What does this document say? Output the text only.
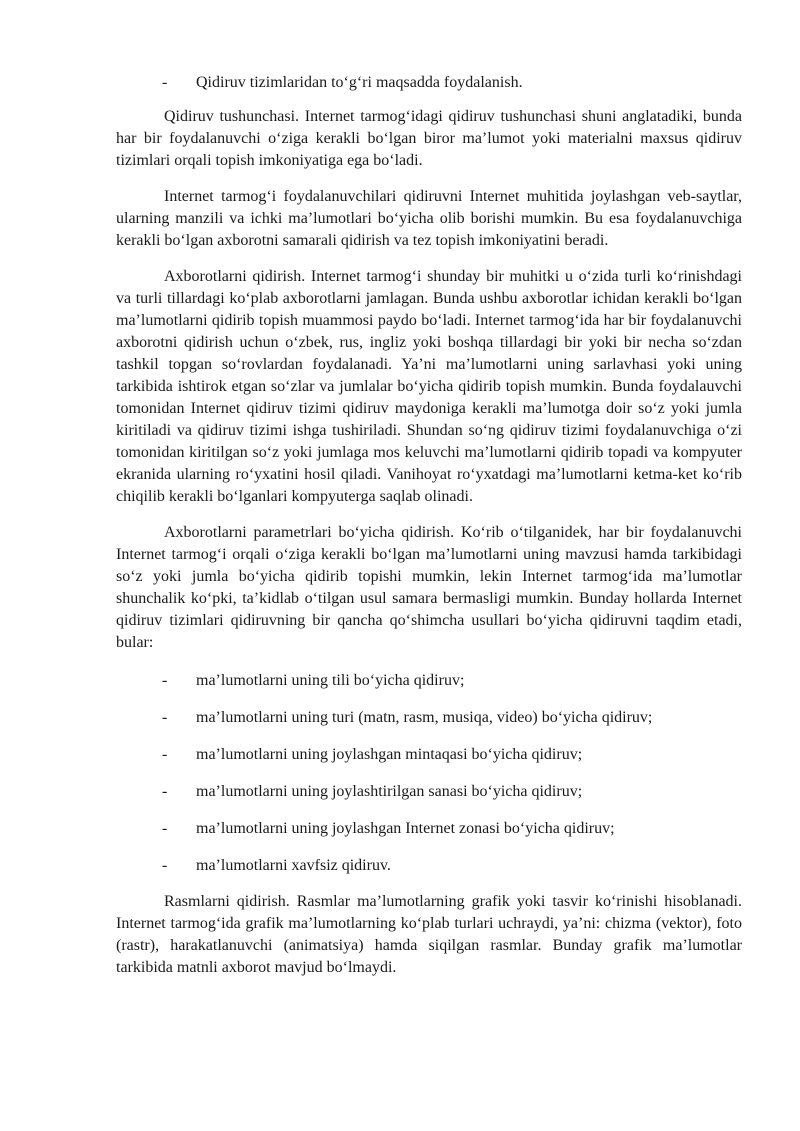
-	Qidiruv tizimlaridan to‘g‘ri maqsadda foydalanish.

Qidiruv tushunchasi. Internet tarmog‘idagi qidiruv tushunchasi shuni anglatadiki, bunda har bir foydalanuvchi o‘ziga kerakli bo‘lgan biror ma’lumot yoki materialni maxsus qidiruv tizimlari orqali topish imkoniyatiga ega bo‘ladi.

Internet tarmog‘i foydalanuvchilari qidiruvni Internet muhitida joylashgan veb-saytlar, ularning manzili va ichki ma’lumotlari bo‘yicha olib borishi mumkin. Bu esa foydalanuvchiga kerakli bo‘lgan axborotni samarali qidirish va tez topish imkoniyatini beradi.

Axborotlarni qidirish. Internet tarmog‘i shunday bir muhitki u o‘zida turli ko‘rinishdagi va turli tillardagi ko‘plab axborotlarni jamlagan. Bunda ushbu axborotlar ichidan kerakli bo‘lgan ma’lumotlarni qidirib topish muammosi paydo bo‘ladi. Internet tarmog‘ida har bir foydalanuvchi axborotni qidirish uchun o‘zbek, rus, ingliz yoki boshqa tillardagi bir yoki bir necha so‘zdan tashkil topgan so‘rovlardan foydalanadi. Ya’ni ma’lumotlarni uning sarlavhasi yoki uning tarkibida ishtirok etgan so‘zlar va jumlalar bo‘yicha qidirib topish mumkin. Bunda foydalauvchi tomonidan Internet qidiruv tizimi qidiruv maydoniga kerakli ma’lumotga doir so‘z yoki jumla kiritiladi va qidiruv tizimi ishga tushiriladi. Shundan so‘ng qidiruv tizimi foydalanuvchiga o‘zi tomonidan kiritilgan so‘z yoki jumlaga mos keluvchi ma’lumotlarni qidirib topadi va kompyuter ekranida ularning ro‘yxatini hosil qiladi. Vanihoyat ro‘yxatdagi ma’lumotlarni ketma-ket ko‘rib chiqilib kerakli bo‘lganlari kompyuterga saqlab olinadi.

Axborotlarni parametrlari bo‘yicha qidirish. Ko‘rib o‘tilganidek, har bir foydalanuvchi Internet tarmog‘i orqali o‘ziga kerakli bo‘lgan ma’lumotlarni uning mavzusi hamda tarkibidagi so‘z yoki jumla bo‘yicha qidirib topishi mumkin, lekin Internet tarmog‘ida ma’lumotlar shunchalik ko‘pki, ta’kidlab o‘tilgan usul samara bermasligi mumkin. Bunday hollarda Internet qidiruv tizimlari qidiruvning bir qancha qo‘shimcha usullari bo‘yicha qidiruvni taqdim etadi, bular:

-	ma’lumotlarni uning tili bo‘yicha qidiruv;
-	ma’lumotlarni uning turi (matn, rasm, musiqa, video) bo‘yicha qidiruv;
-	ma’lumotlarni uning joylashgan mintaqasi bo‘yicha qidiruv;
-	ma’lumotlarni uning joylashtirilgan sanasi bo‘yicha qidiruv;
-	ma’lumotlarni uning joylashgan Internet zonasi bo‘yicha qidiruv;
-	ma’lumotlarni xavfsiz qidiruv.

Rasmlarni qidirish. Rasmlar ma’lumotlarning grafik yoki tasvir ko‘rinishi hisoblanadi. Internet tarmog‘ida grafik ma’lumotlarning ko‘plab turlari uchraydi, ya’ni: chizma (vektor), foto (rastr), harakatlanuvchi (animatsiya) hamda siqilgan rasmlar. Bunday grafik ma’lumotlar tarkibida matnli axborot mavjud bo‘lmaydi.
